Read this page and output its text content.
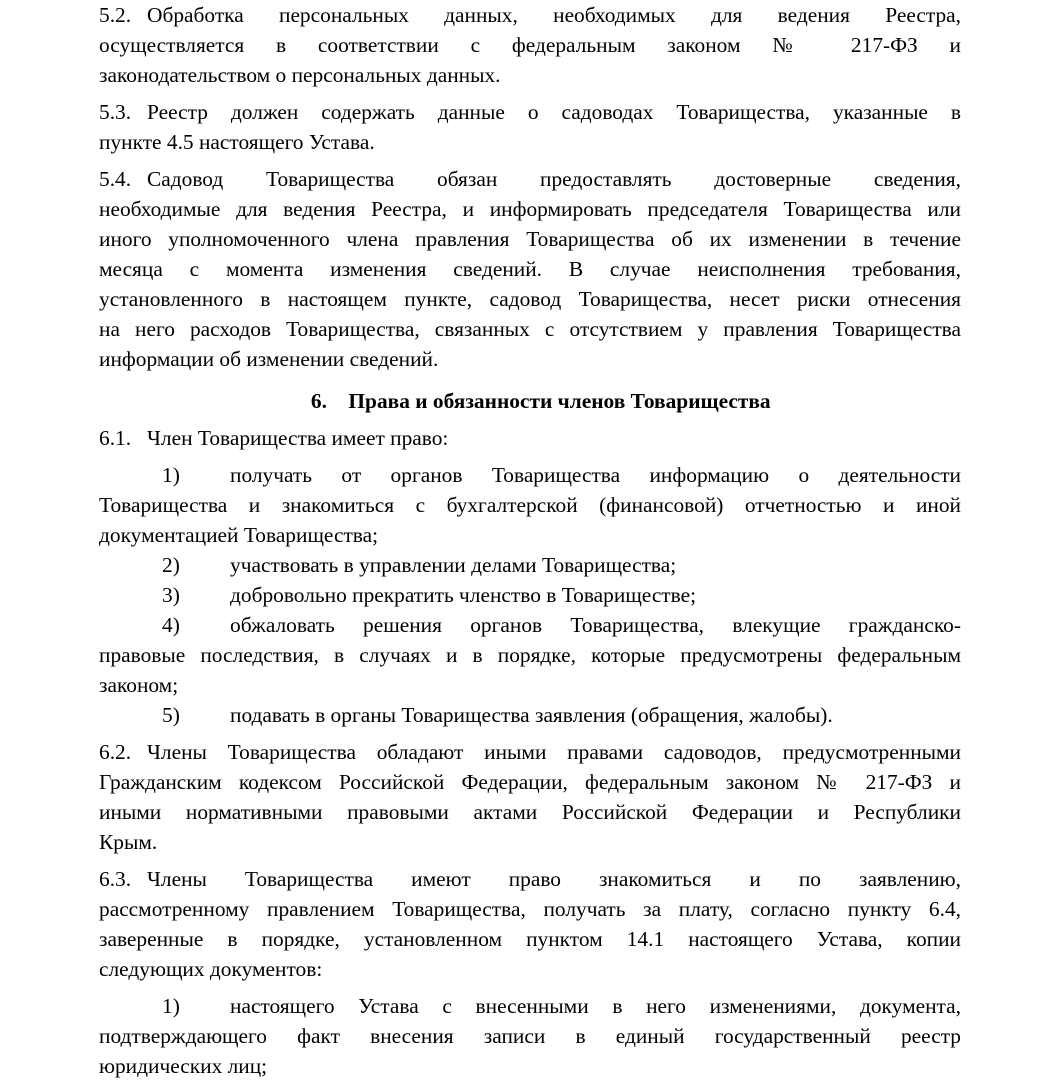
5.2. Обработка персональных данных, необходимых для ведения Реестра,
осуществляется в соответствии с федеральным законом № 217-ФЗ и
законодательством о персональных данных.
5.3. Реестр должен содержать данные о садоводах Товарищества, указанные в
пункте 4.5 настоящего Устава.
5.4. Садовод Товарищества обязан предоставлять достоверные сведения,
необходимые для ведения Реестра, и информировать председателя Товарищества или
иного уполномоченного члена правления Товарищества об их изменении в течение
месяца с момента изменения сведений. В случае неисполнения требования,
установленного в настоящем пункте, садовод Товарищества, несет риски отнесения
на него расходов Товарищества, связанных с отсутствием у правления Товарищества
информации об изменении сведений.
6. Права и обязанности членов Товарищества
6.1. Член Товарищества имеет право:
1) получать от органов Товарищества информацию о деятельности
Товарищества и знакомиться с бухгалтерской (финансовой) отчетностью и иной
документацией Товарищества;
2) участвовать в управлении делами Товарищества;
3) добровольно прекратить членство в Товариществе;
4) обжаловать решения органов Товарищества, влекущие гражданско-
правовые последствия, в случаях и в порядке, которые предусмотрены федеральным
законом;
5) подавать в органы Товарищества заявления (обращения, жалобы).
6.2. Члены Товарищества обладают иными правами садоводов, предусмотренными
Гражданским кодексом Российской Федерации, федеральным законом № 217-ФЗ и
иными нормативными правовыми актами Российской Федерации и Республики
Крым.
6.3. Члены Товарищества имеют право знакомиться и по заявлению,
рассмотренному правлением Товарищества, получать за плату, согласно пункту 6.4,
заверенные в порядке, установленном пунктом 14.1 настоящего Устава, копии
следующих документов:
1) настоящего Устава с внесенными в него изменениями, документа,
подтверждающего факт внесения записи в единый государственный реестр
юридических лиц;
